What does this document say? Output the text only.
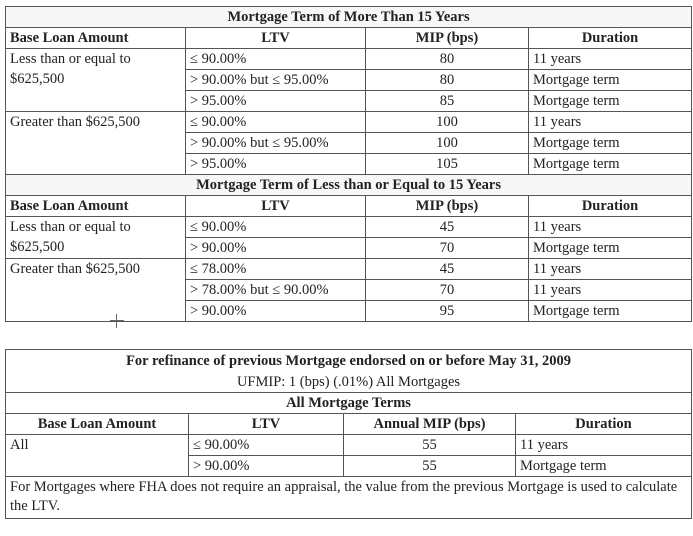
Mortgage Term of More Than 15 Years			
Base Loan Amount	LTV	MIP (bps)	Duration
Less than or equal to $625,500	≤ 90.00%	80	11 years
	> 90.00% but ≤ 95.00%	80	Mortgage term
	> 95.00%	85	Mortgage term
Greater than $625,500	≤ 90.00%	100	11 years
	> 90.00% but ≤ 95.00%	100	Mortgage term
	> 95.00%	105	Mortgage term
Mortgage Term of Less than or Equal to 15 Years			
Base Loan Amount	LTV	MIP (bps)	Duration
Less than or equal to $625,500	≤ 90.00%	45	11 years
	> 90.00%	70	Mortgage term
Greater than $625,500	≤ 78.00%	45	11 years
	> 78.00% but ≤ 90.00%	70	11 years
	> 90.00%	95	Mortgage term
For refinance of previous Mortgage endorsed on or before May 31, 2009			
UFMIP: 1 (bps) (.01%) All Mortgages			
All Mortgage Terms			
Base Loan Amount	LTV	Annual MIP (bps)	Duration
All	≤ 90.00%	55	11 years
	> 90.00%	55	Mortgage term
For Mortgages where FHA does not require an appraisal, the value from the previous Mortgage is used to calculate the LTV.			
